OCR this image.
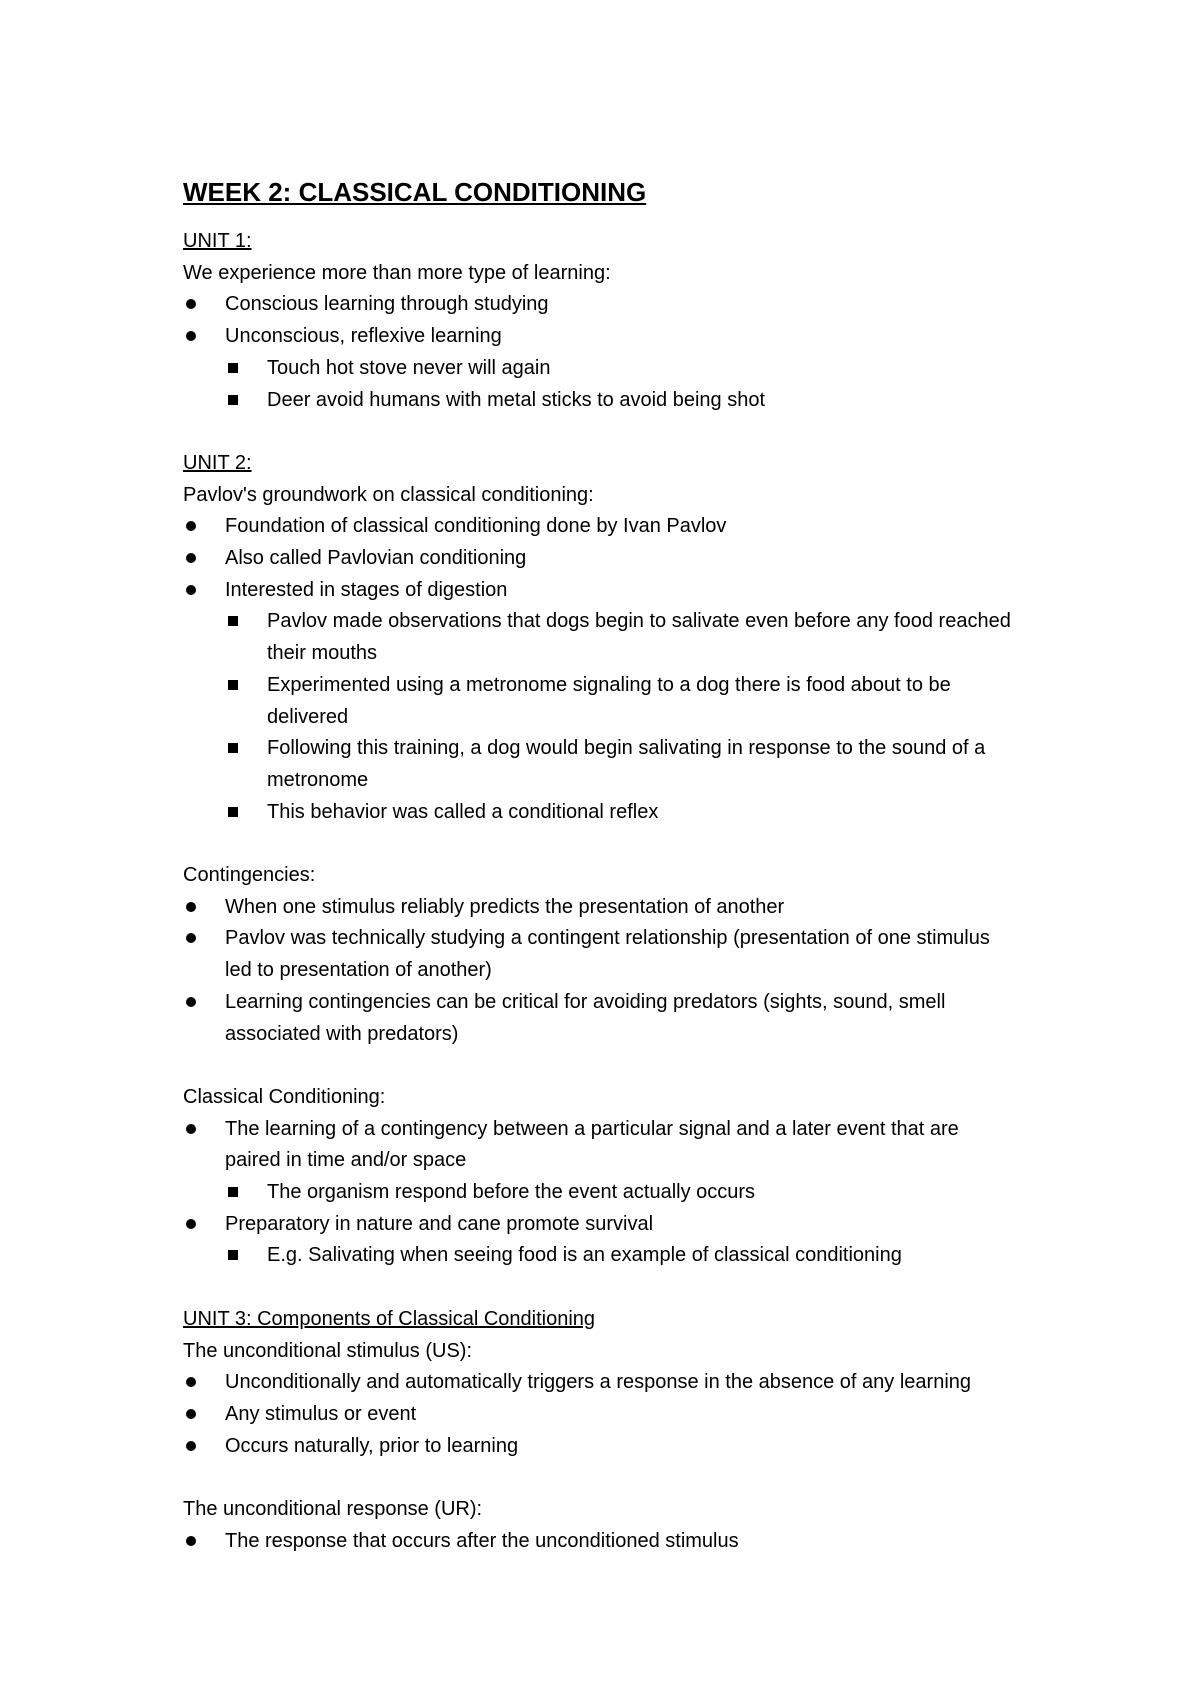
WEEK 2: CLASSICAL CONDITIONING
UNIT 1:
We experience more than more type of learning:
Conscious learning through studying
Unconscious, reflexive learning
Touch hot stove never will again
Deer avoid humans with metal sticks to avoid being shot
UNIT 2:
Pavlov's groundwork on classical conditioning:
Foundation of classical conditioning done by Ivan Pavlov
Also called Pavlovian conditioning
Interested in stages of digestion
Pavlov made observations that dogs begin to salivate even before any food reached
their mouths
Experimented using a metronome signaling to a dog there is food about to be
delivered
Following this training, a dog would begin salivating in response to the sound of a
metronome
This behavior was called a conditional reflex
Contingencies:
When one stimulus reliably predicts the presentation of another
Pavlov was technically studying a contingent relationship (presentation of one stimulus
led to presentation of another)
Learning contingencies can be critical for avoiding predators (sights, sound, smell
associated with predators)
Classical Conditioning:
The learning of a contingency between a particular signal and a later event that are
paired in time and/or space
The organism respond before the event actually occurs
Preparatory in nature and cane promote survival
E.g. Salivating when seeing food is an example of classical conditioning
UNIT 3: Components of Classical Conditioning
The unconditional stimulus (US):
Unconditionally and automatically triggers a response in the absence of any learning
Any stimulus or event
Occurs naturally, prior to learning
The unconditional response (UR):
The response that occurs after the unconditioned stimulus
